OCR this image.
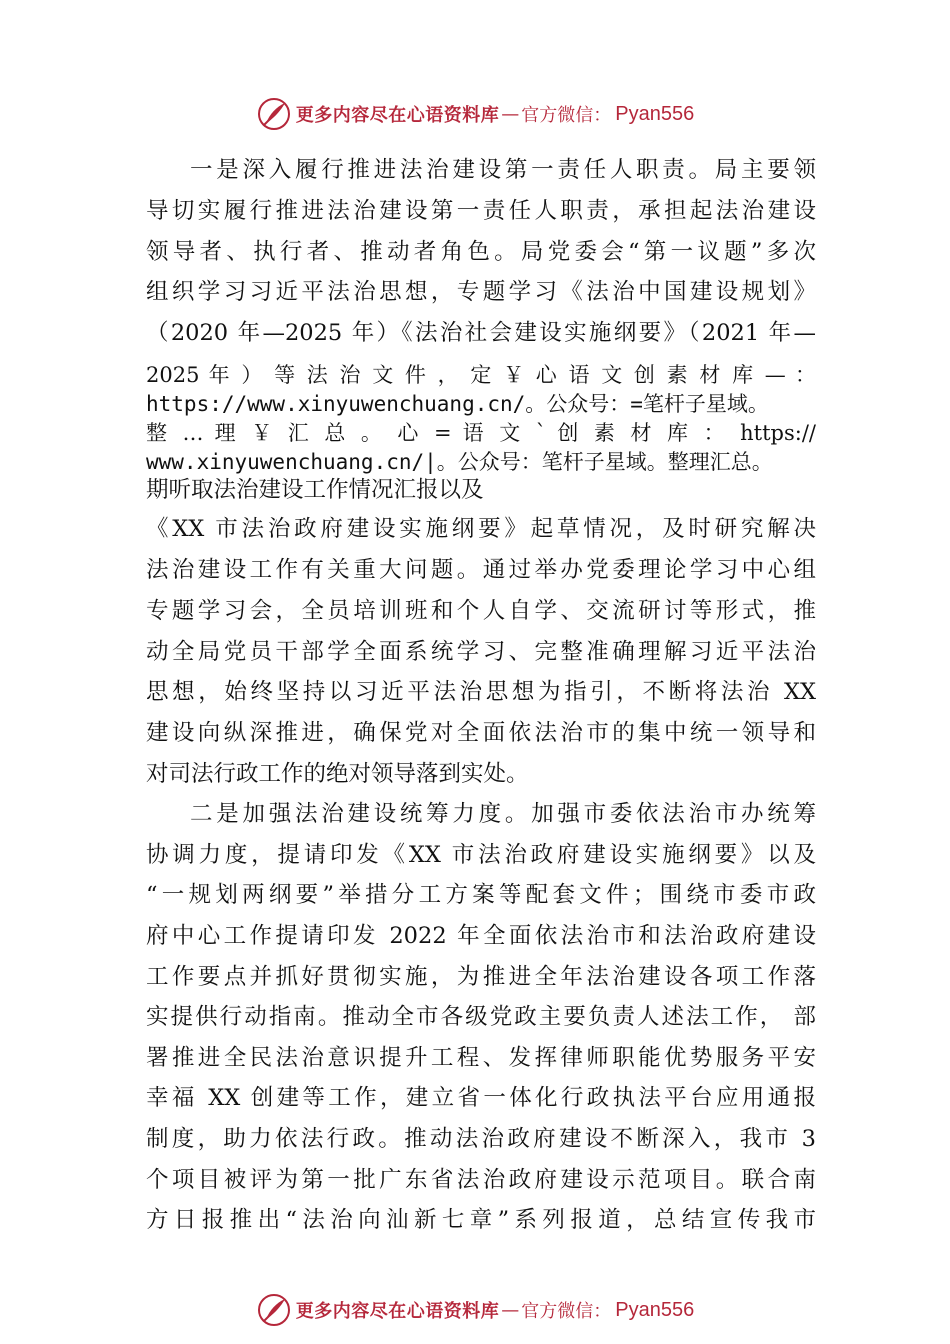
更多内容尽在心语资料库 — 官方微信： Pyan556
一是深入履行推进法治建设第一责任人职责。局主要领
导切实履行推进法治建设第一责任人职责，承担起法治建设
领导者、执行者、推动者角色。局党委会“第一议题”多次
组织学习习近平法治思想，专题学习《法治中国建设规划》
（2020 年—2025 年）《法治社会建设实施纲要》（2021 年—
2025 年 ） 等 法 治 文 件 ， 定 ￥ 心 语 文 创 素 材 库 — ：
https://www.xinyuwenchuang.cn/。公众号：=笔杆子星域。
整 … 理 ￥ 汇 总 。 心 = 语 文 ` 创 素 材 库 ： https://
www.xinyuwenchuang.cn/|。公众号：笔杆子星域。整理汇总。
期听取法治建设工作情况汇报以及
《XX 市法治政府建设实施纲要》起草情况，及时研究解决
法治建设工作有关重大问题。通过举办党委理论学习中心组
专题学习会，全员培训班和个人自学、交流研讨等形式，推
动全局党员干部学全面系统学习、完整准确理解习近平法治
思想，始终坚持以习近平法治思想为指引，不断将法治 XX
建设向纵深推进，确保党对全面依法治市的集中统一领导和
对司法行政工作的绝对领导落到实处。
二是加强法治建设统筹力度。加强市委依法治市办统筹
协调力度，提请印发《XX 市法治政府建设实施纲要》以及
“一规划两纲要”举措分工方案等配套文件；围绕市委市政
府中心工作提请印发 2022 年全面依法治市和法治政府建设
工作要点并抓好贯彻实施，为推进全年法治建设各项工作落
实提供行动指南。推动全市各级党政主要负责人述法工作， 部
署推进全民法治意识提升工程、发挥律师职能优势服务平安
幸福 XX 创建等工作，建立省一体化行政执法平台应用通报
制度，助力依法行政。推动法治政府建设不断深入，我市 3
个项目被评为第一批广东省法治政府建设示范项目。联合南
方日报推出“法治向汕新七章”系列报道，总结宣传我市
更多内容尽在心语资料库 — 官方微信： Pyan556
